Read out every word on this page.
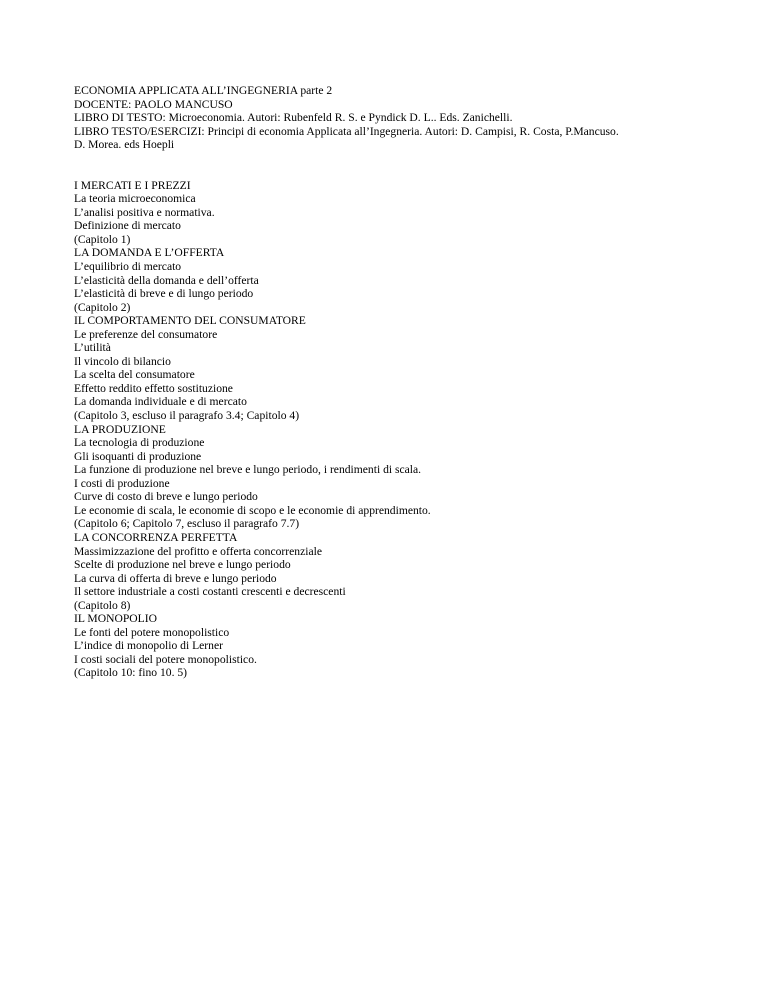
ECONOMIA APPLICATA ALL’INGEGNERIA parte 2
DOCENTE: PAOLO MANCUSO
LIBRO DI TESTO: Microeconomia. Autori: Rubenfeld R. S. e Pyndick D. L.. Eds. Zanichelli.
LIBRO TESTO/ESERCIZI: Principi di economia Applicata all’Ingegneria. Autori: D. Campisi, R. Costa, P.Mancuso.
D. Morea. eds Hoepli
I MERCATI E I PREZZI
La teoria microeconomica
L’analisi positiva e normativa.
Definizione di mercato
(Capitolo 1)
LA DOMANDA E L’OFFERTA
L’equilibrio di mercato
L’elasticità della domanda e dell’offerta
L’elasticità di breve e di lungo periodo
(Capitolo 2)
IL COMPORTAMENTO DEL CONSUMATORE
Le preferenze del consumatore
L’utilità
Il vincolo di bilancio
La scelta del consumatore
Effetto reddito effetto sostituzione
La domanda individuale e di mercato
(Capitolo 3, escluso il paragrafo 3.4; Capitolo 4)
LA PRODUZIONE
La tecnologia di produzione
Gli isoquanti di produzione
La funzione di produzione nel breve e lungo periodo, i rendimenti di scala.
I costi di produzione
Curve di costo di breve e lungo periodo
Le economie di scala, le economie di scopo e le economie di apprendimento.
(Capitolo 6; Capitolo 7, escluso il paragrafo 7.7)
LA CONCORRENZA PERFETTA
Massimizzazione del profitto e offerta concorrenziale
Scelte di produzione nel breve e lungo periodo
La curva di offerta di breve e lungo periodo
Il settore industriale a costi costanti crescenti e decrescenti
(Capitolo 8)
IL MONOPOLIO
Le fonti del potere monopolistico
L’indice di monopolio di Lerner
I costi sociali del potere monopolistico.
(Capitolo 10: fino 10. 5)
